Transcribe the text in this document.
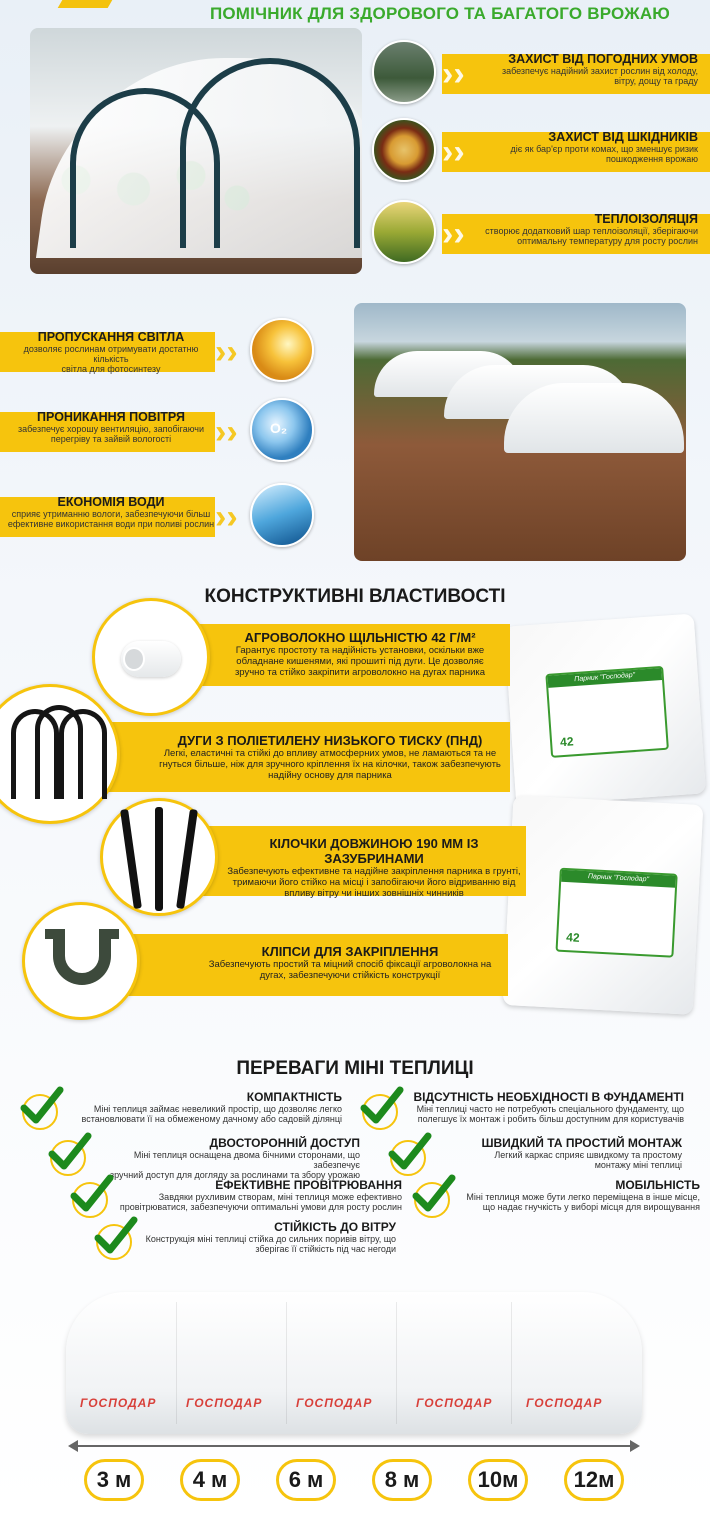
ПОМІЧНИК ДЛЯ ЗДОРОВОГО ТА БАГАТОГО ВРОЖАЮ
››	ЗАХИСТ ВІД ПОГОДНИХ УМОВ
забезпечує надійний захист рослин від холоду,
вітру, дощу та граду
››	ЗАХИСТ ВІД ШКІДНИКІВ
діє як бар'єр проти комах, що зменшує ризик
пошкодження врожаю
››	ТЕПЛОІЗОЛЯЦІЯ
створює додатковий шар теплоізоляції, зберігаючи
оптимальну температуру для росту рослин
››
ПРОПУСКАННЯ СВІТЛА
дозволяє рослинам отримувати достатню кількість
світла для фотосинтезу
››	O₂
ПРОНИКАННЯ ПОВІТРЯ
забезпечує хорошу вентиляцію, запобігаючи
перегріву та зайвій вологості
››
ЕКОНОМІЯ ВОДИ
сприяє утриманню вологи, забезпечуючи більш
ефективне використання води при поливі рослин
КОНСТРУКТИВНІ ВЛАСТИВОСТІ
Парник "Господар"
42
Парник "Господар"
42
АГРОВОЛОКНО ЩІЛЬНІСТЮ 42 Г/М²
Гарантує простоту та надійність установки, оскільки вже
обладнане кишенями, які прошиті під дуги. Це дозволяє
зручно та стійко закріпити агроволокно на дугах парника
ДУГИ З ПОЛІЕТИЛЕНУ НИЗЬКОГО ТИСКУ (ПНД)
Легкі, еластичні та стійкі до впливу атмосферних умов, не ламаються та не
гнуться більше, ніж для зручного кріплення їх на кілочки, також забезпечують
надійну основу для парника
КІЛОЧКИ ДОВЖИНОЮ 190 ММ ІЗ ЗАЗУБРИНАМИ
Забезпечують ефективне та надійне закріплення парника в грунті,
тримаючи його стійко на місці і запобігаючи його відриванню від
впливу вітру чи інших зовнішніх чинників
КЛІПСИ ДЛЯ ЗАКРІПЛЕННЯ
Забезпечують простий та міцний спосіб фіксації агроволокна на
дугах, забезпечуючи стійкість конструкції
ПЕРЕВАГИ МІНІ ТЕПЛИЦІ
КОМПАКТНІСТЬ
Міні теплиця займає невеликий простір, що дозволяє легко
встановлювати її на обмеженому дачному або садовій ділянці
ДВОСТОРОННІЙ ДОСТУП
Міні теплиця оснащена двома бічними сторонами, що забезпечує
зручний доступ для догляду за рослинами та збору урожаю
ЕФЕКТИВНЕ ПРОВІТРЮВАННЯ
Завдяки рухливим створам, міні теплиця може ефективно
провітрюватися, забезпечуючи оптимальні умови для росту рослин
СТІЙКІСТЬ ДО ВІТРУ
Конструкція міні теплиці стійка до сильних поривів вітру, що
зберігає її стійкість під час негоди
ВІДСУТНІСТЬ НЕОБХІДНОСТІ В ФУНДАМЕНТІ
Міні теплиці часто не потребують спеціального фундаменту, що
полегшує їх монтаж і робить більш доступним для користувачів
ШВИДКИЙ ТА ПРОСТИЙ МОНТАЖ
Легкий каркас сприяє швидкому та простому
монтажу міні теплиці
МОБІЛЬНІСТЬ
Міні теплиця може бути легко переміщена в інше місце,
що надає гнучкість у виборі місця для вирощування
ГОСПОДАР ГОСПОДАР	ГОСПОДАР	ГОСПОДАР	ГОСПОДАР
3 м	4 м	6 м	8 м	10м	12м
